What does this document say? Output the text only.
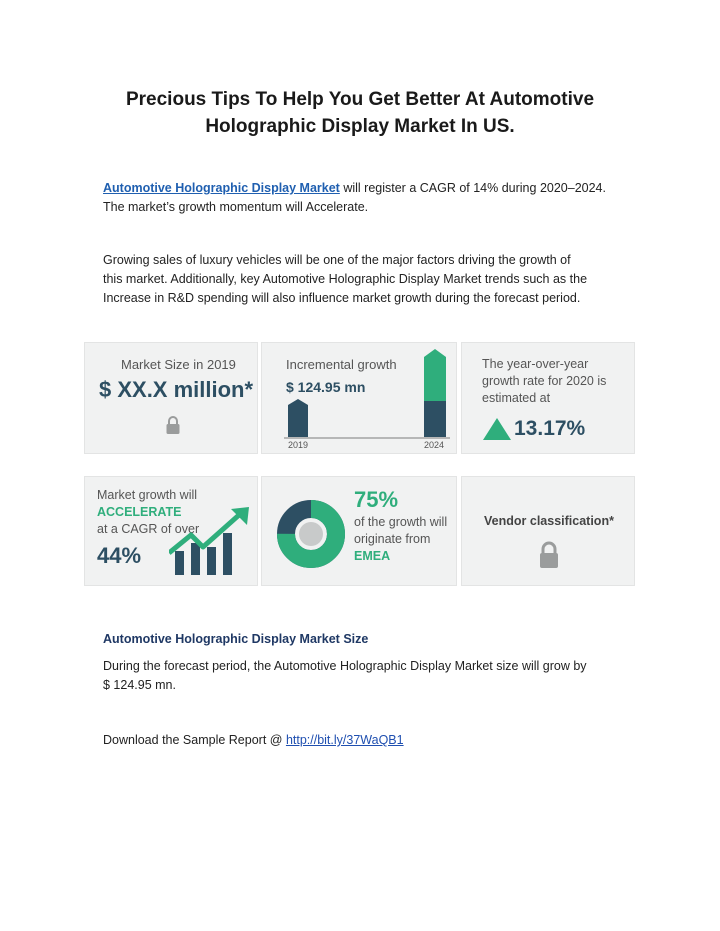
Precious Tips To Help You Get Better At Automotive
Holographic Display Market In US.
Automotive Holographic Display Market will register a CAGR of 14% during 2020–2024.
The market’s growth momentum will Accelerate.
Growing sales of luxury vehicles will be one of the major factors driving the growth of
this market. Additionally, key Automotive Holographic Display Market trends such as the
Increase in R&D spending will also influence market growth during the forecast period.
Market Size in 2019
$ XX.X million*
Incremental growth
$ 124.95 mn
2019	2024
The year-over-year
growth rate for 2020 is
estimated at
13.17%
Market growth will
ACCELERATE
at a CAGR of over
44%
75%
of the growth will
originate from
EMEA
Vendor classification*
Automotive Holographic Display Market Size
During the forecast period, the Automotive Holographic Display Market size will grow by
$ 124.95 mn.
Download the Sample Report @ http://bit.ly/37WaQB1
